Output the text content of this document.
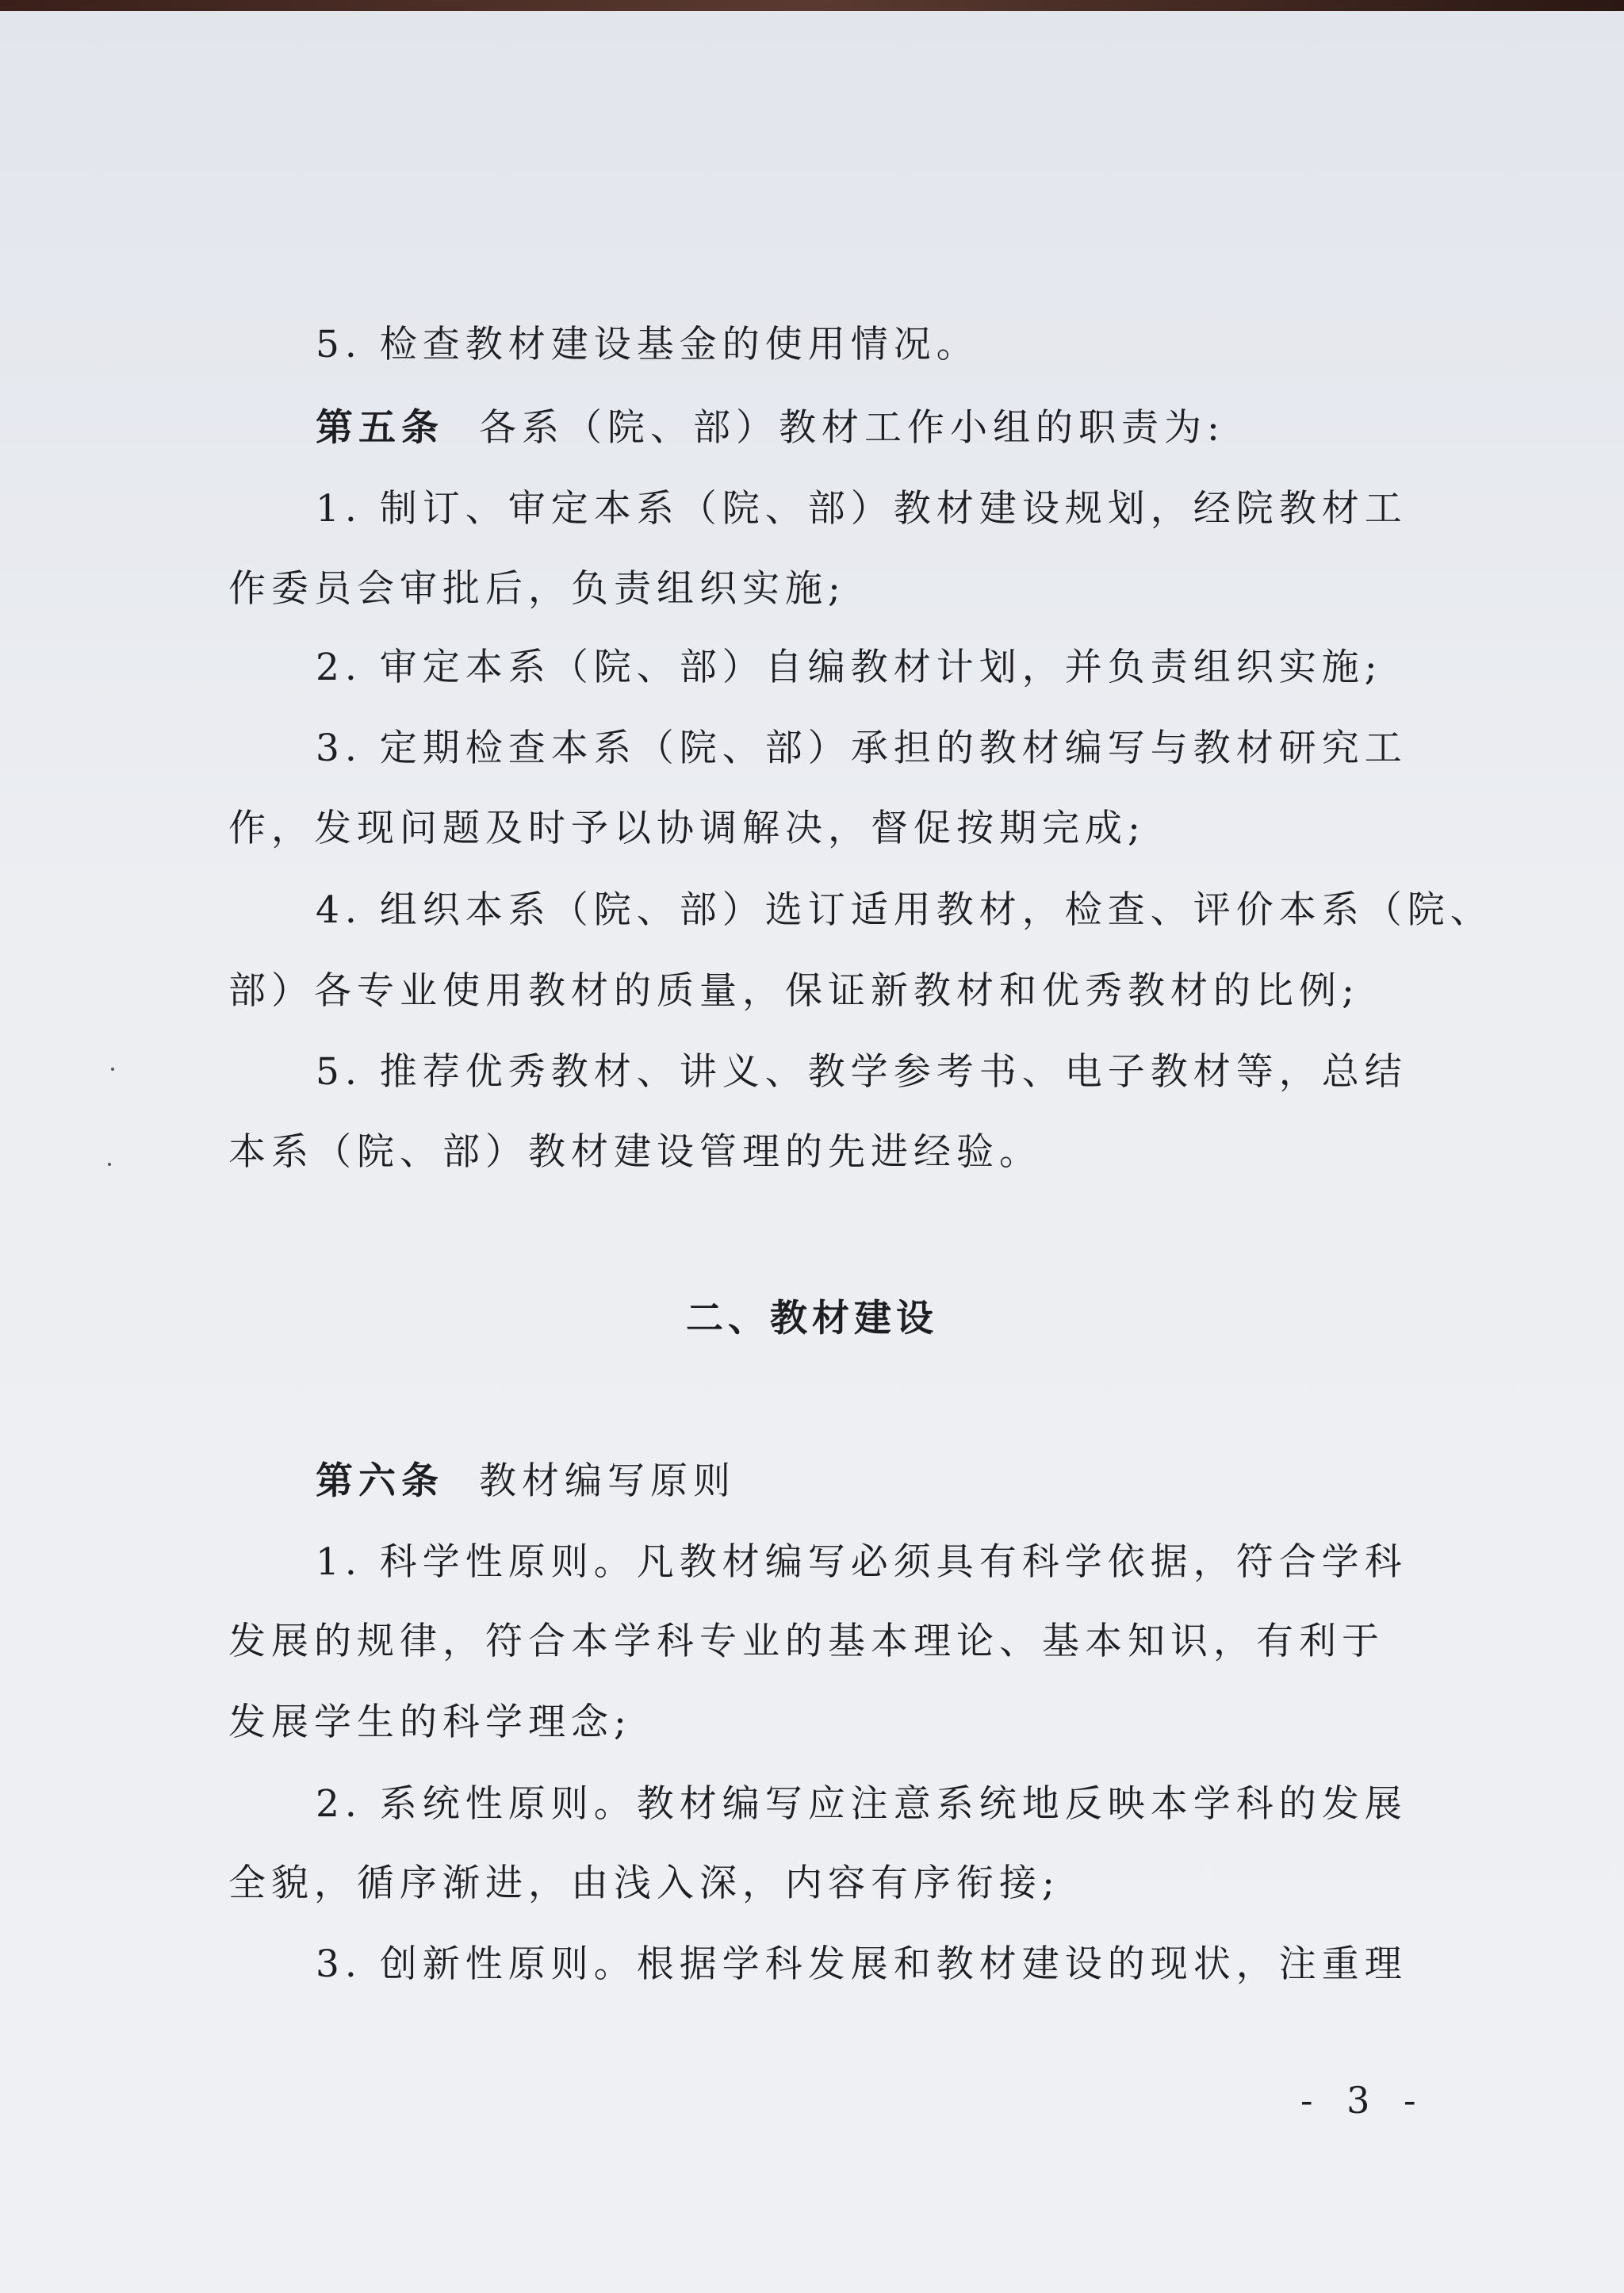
5. 检查教材建设基金的使用情况。
第五条 各系（院、部）教材工作小组的职责为:
1. 制订、审定本系（院、部）教材建设规划，经院教材工
作委员会审批后，负责组织实施;
2. 审定本系（院、部）自编教材计划，并负责组织实施;
3. 定期检查本系（院、部）承担的教材编写与教材研究工
作，发现问题及时予以协调解决，督促按期完成;
4. 组织本系（院、部）选订适用教材，检查、评价本系（院、
部）各专业使用教材的质量，保证新教材和优秀教材的比例;
5. 推荐优秀教材、讲义、教学参考书、电子教材等，总结
本系（院、部）教材建设管理的先进经验。
二、教材建设
第六条 教材编写原则
1. 科学性原则。凡教材编写必须具有科学依据，符合学科
发展的规律，符合本学科专业的基本理论、基本知识，有利于
发展学生的科学理念;
2. 系统性原则。教材编写应注意系统地反映本学科的发展
全貌，循序渐进，由浅入深，内容有序衔接;
3. 创新性原则。根据学科发展和教材建设的现状，注重理
- 3 -
